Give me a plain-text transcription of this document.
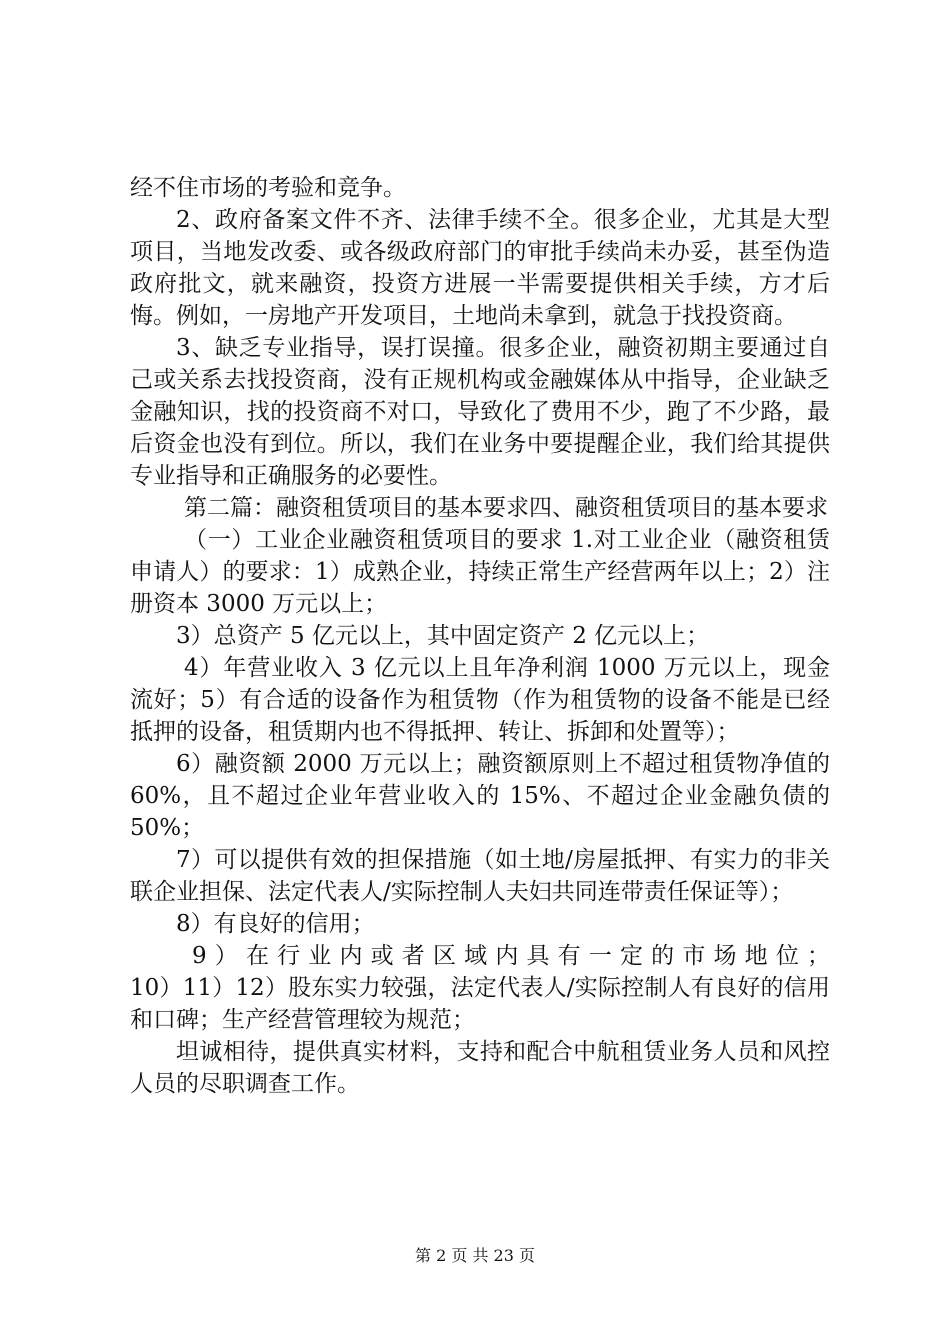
经不住市场的考验和竞争。

2、政府备案文件不齐、法律手续不全。很多企业，尤其是大型项目，当地发改委、或各级政府部门的审批手续尚未办妥，甚至伪造政府批文，就来融资，投资方进展一半需要提供相关手续，方才后悔。例如，一房地产开发项目，土地尚未拿到，就急于找投资商。

3、缺乏专业指导，误打误撞。很多企业，融资初期主要通过自己或关系去找投资商，没有正规机构或金融媒体从中指导，企业缺乏金融知识，找的投资商不对口，导致化了费用不少，跑了不少路，最后资金也没有到位。所以，我们在业务中要提醒企业，我们给其提供专业指导和正确服务的必要性。

第二篇：融资租赁项目的基本要求四、融资租赁项目的基本要求

（一）工业企业融资租赁项目的要求 1.对工业企业（融资租赁申请人）的要求：1）成熟企业，持续正常生产经营两年以上；2）注册资本 3000 万元以上；

3）总资产 5 亿元以上，其中固定资产 2 亿元以上；

4）年营业收入 3 亿元以上且年净利润 1000 万元以上，现金流好；5）有合适的设备作为租赁物（作为租赁物的设备不能是已经抵押的设备，租赁期内也不得抵押、转让、拆卸和处置等）；

6）融资额 2000 万元以上；融资额原则上不超过租赁物净值的 60%，且不超过企业年营业收入的 15%、不超过企业金融负债的 50%；

7）可以提供有效的担保措施（如土地/房屋抵押、有实力的非关联企业担保、法定代表人/实际控制人夫妇共同连带责任保证等）；

8）有良好的信用；

9）在行业内或者区域内具有一定的市场地位；

10）11）12）股东实力较强，法定代表人/实际控制人有良好的信用和口碑；生产经营管理较为规范；

坦诚相待，提供真实材料，支持和配合中航租赁业务人员和风控人员的尽职调查工作。

第 2 页 共 23 页
